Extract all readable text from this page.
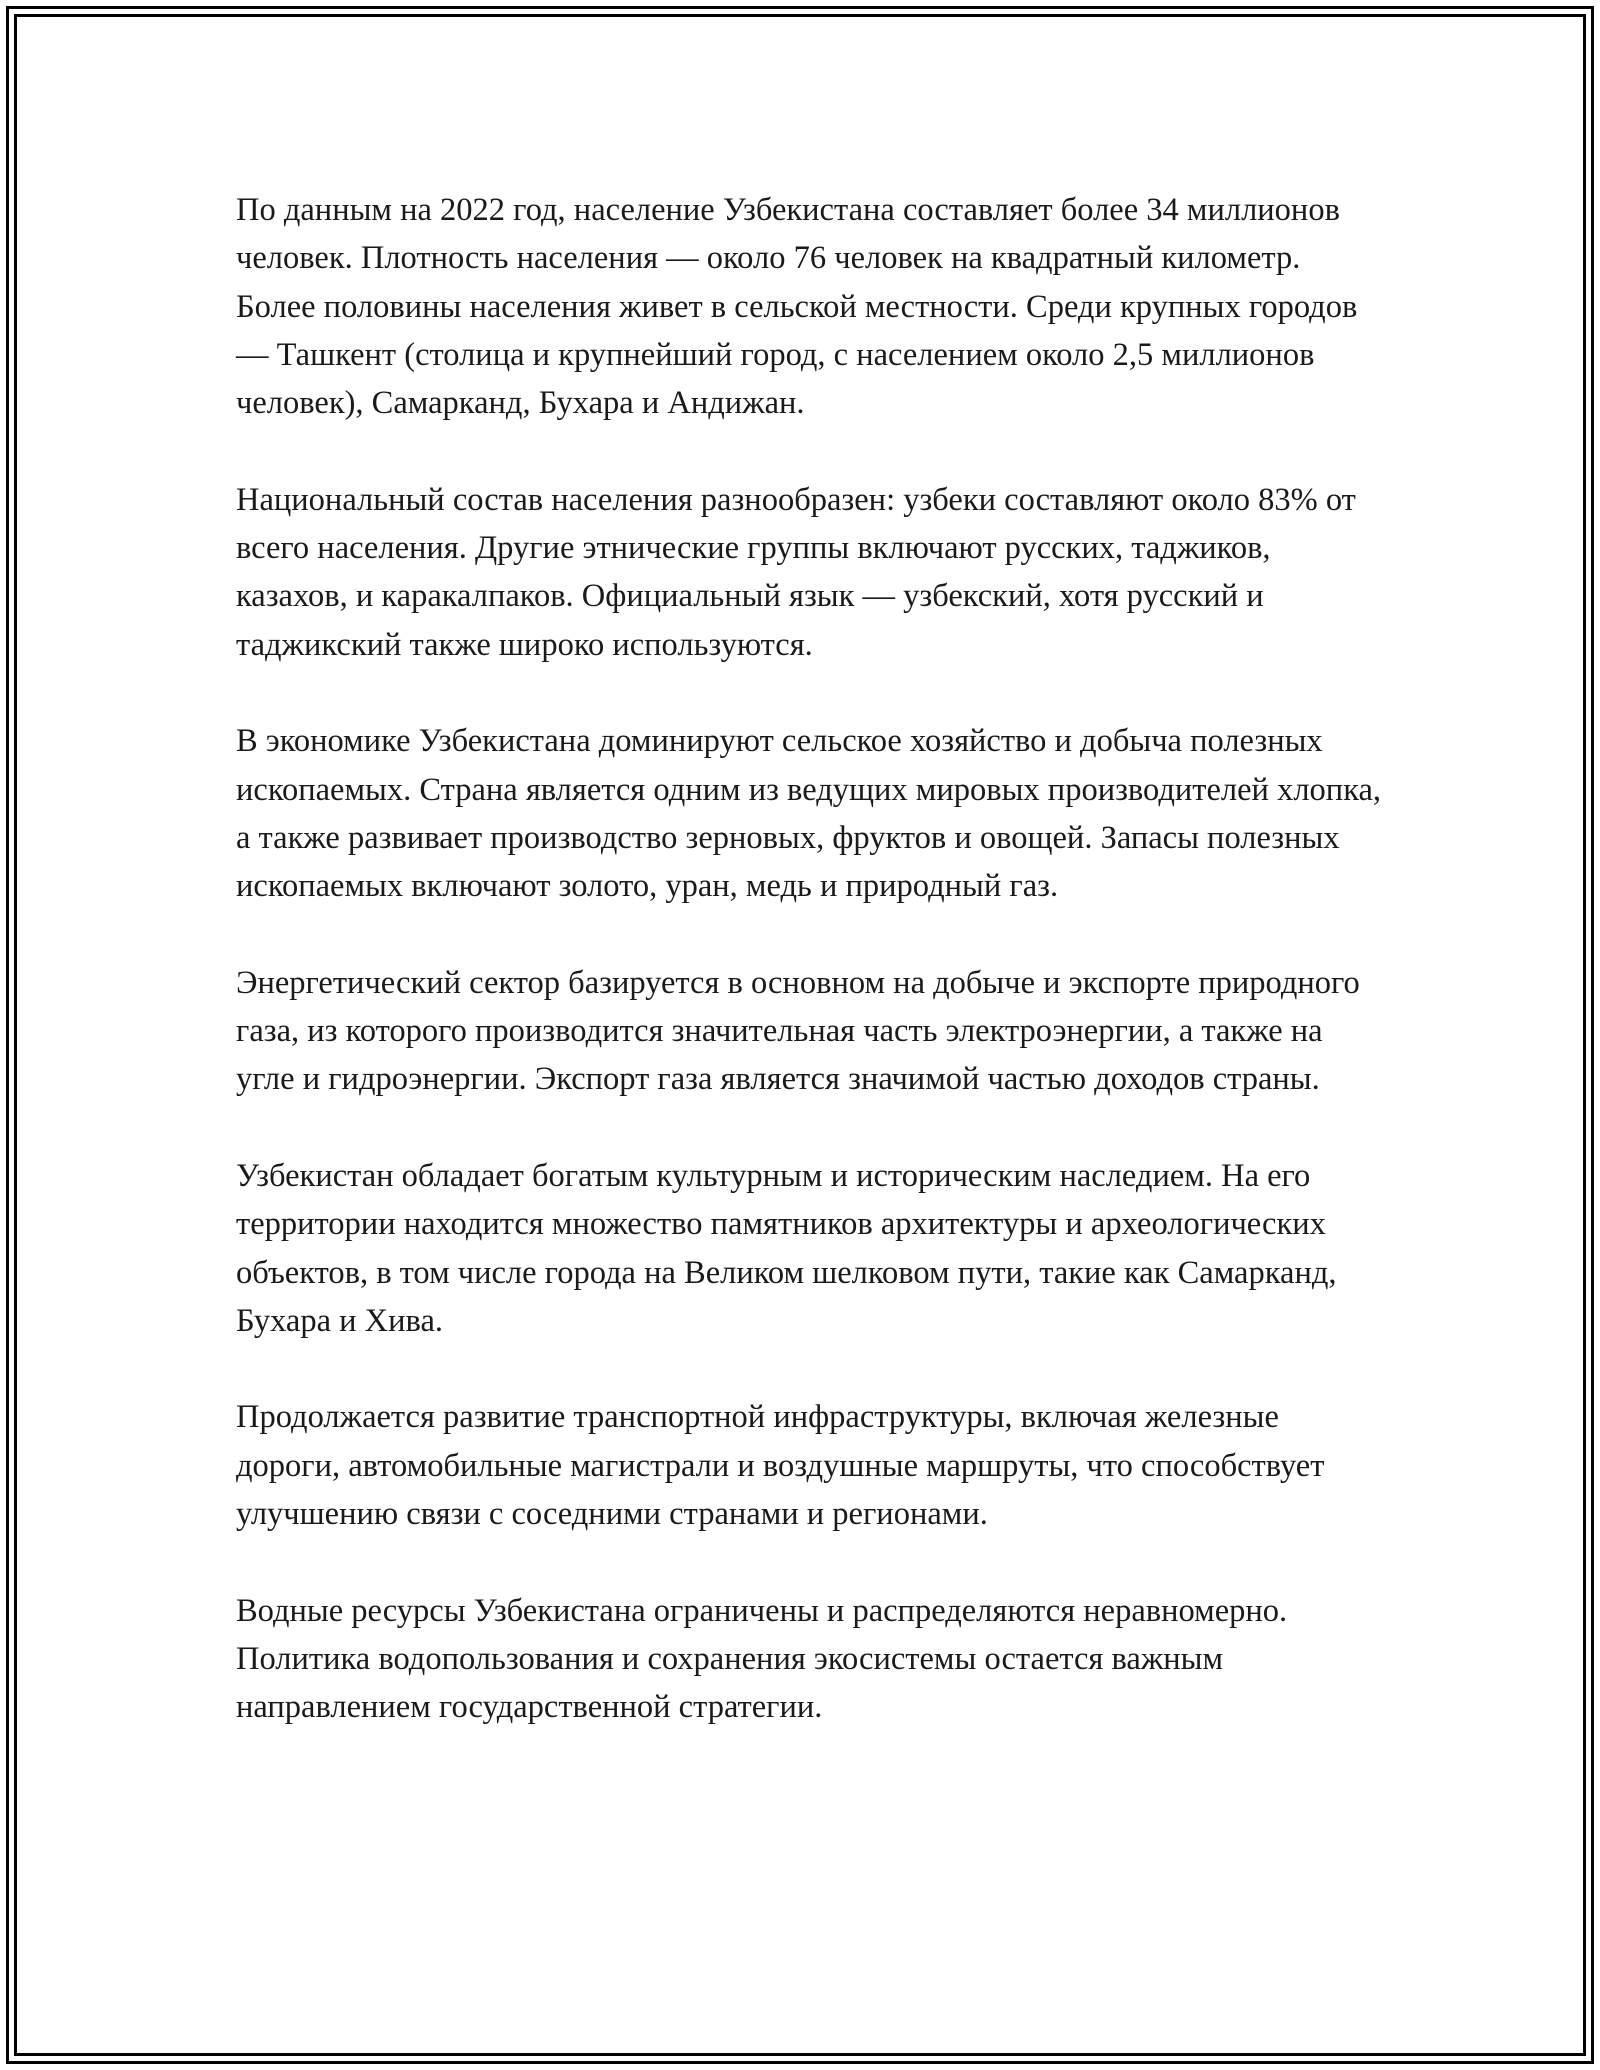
По данным на 2022 год, население Узбекистана составляет более 34 миллионов человек. Плотность населения — около 76 человек на квадратный километр. Более половины населения живет в сельской местности. Среди крупных городов — Ташкент (столица и крупнейший город, с населением около 2,5 миллионов человек), Самарканд, Бухара и Андижан.

Национальный состав населения разнообразен: узбеки составляют около 83% от всего населения. Другие этнические группы включают русских, таджиков, казахов, и каракалпаков. Официальный язык — узбекский, хотя русский и таджикский также широко используются.

В экономике Узбекистана доминируют сельское хозяйство и добыча полезных ископаемых. Страна является одним из ведущих мировых производителей хлопка, а также развивает производство зерновых, фруктов и овощей. Запасы полезных ископаемых включают золото, уран, медь и природный газ.

Энергетический сектор базируется в основном на добыче и экспорте природного газа, из которого производится значительная часть электроэнергии, а также на угле и гидроэнергии. Экспорт газа является значимой частью доходов страны.

Узбекистан обладает богатым культурным и историческим наследием. На его территории находится множество памятников архитектуры и археологических объектов, в том числе города на Великом шелковом пути, такие как Самарканд, Бухара и Хива.

Продолжается развитие транспортной инфраструктуры, включая железные дороги, автомобильные магистрали и воздушные маршруты, что способствует улучшению связи с соседними странами и регионами.

Водные ресурсы Узбекистана ограничены и распределяются неравномерно. Политика водопользования и сохранения экосистемы остается важным направлением государственной стратегии.
